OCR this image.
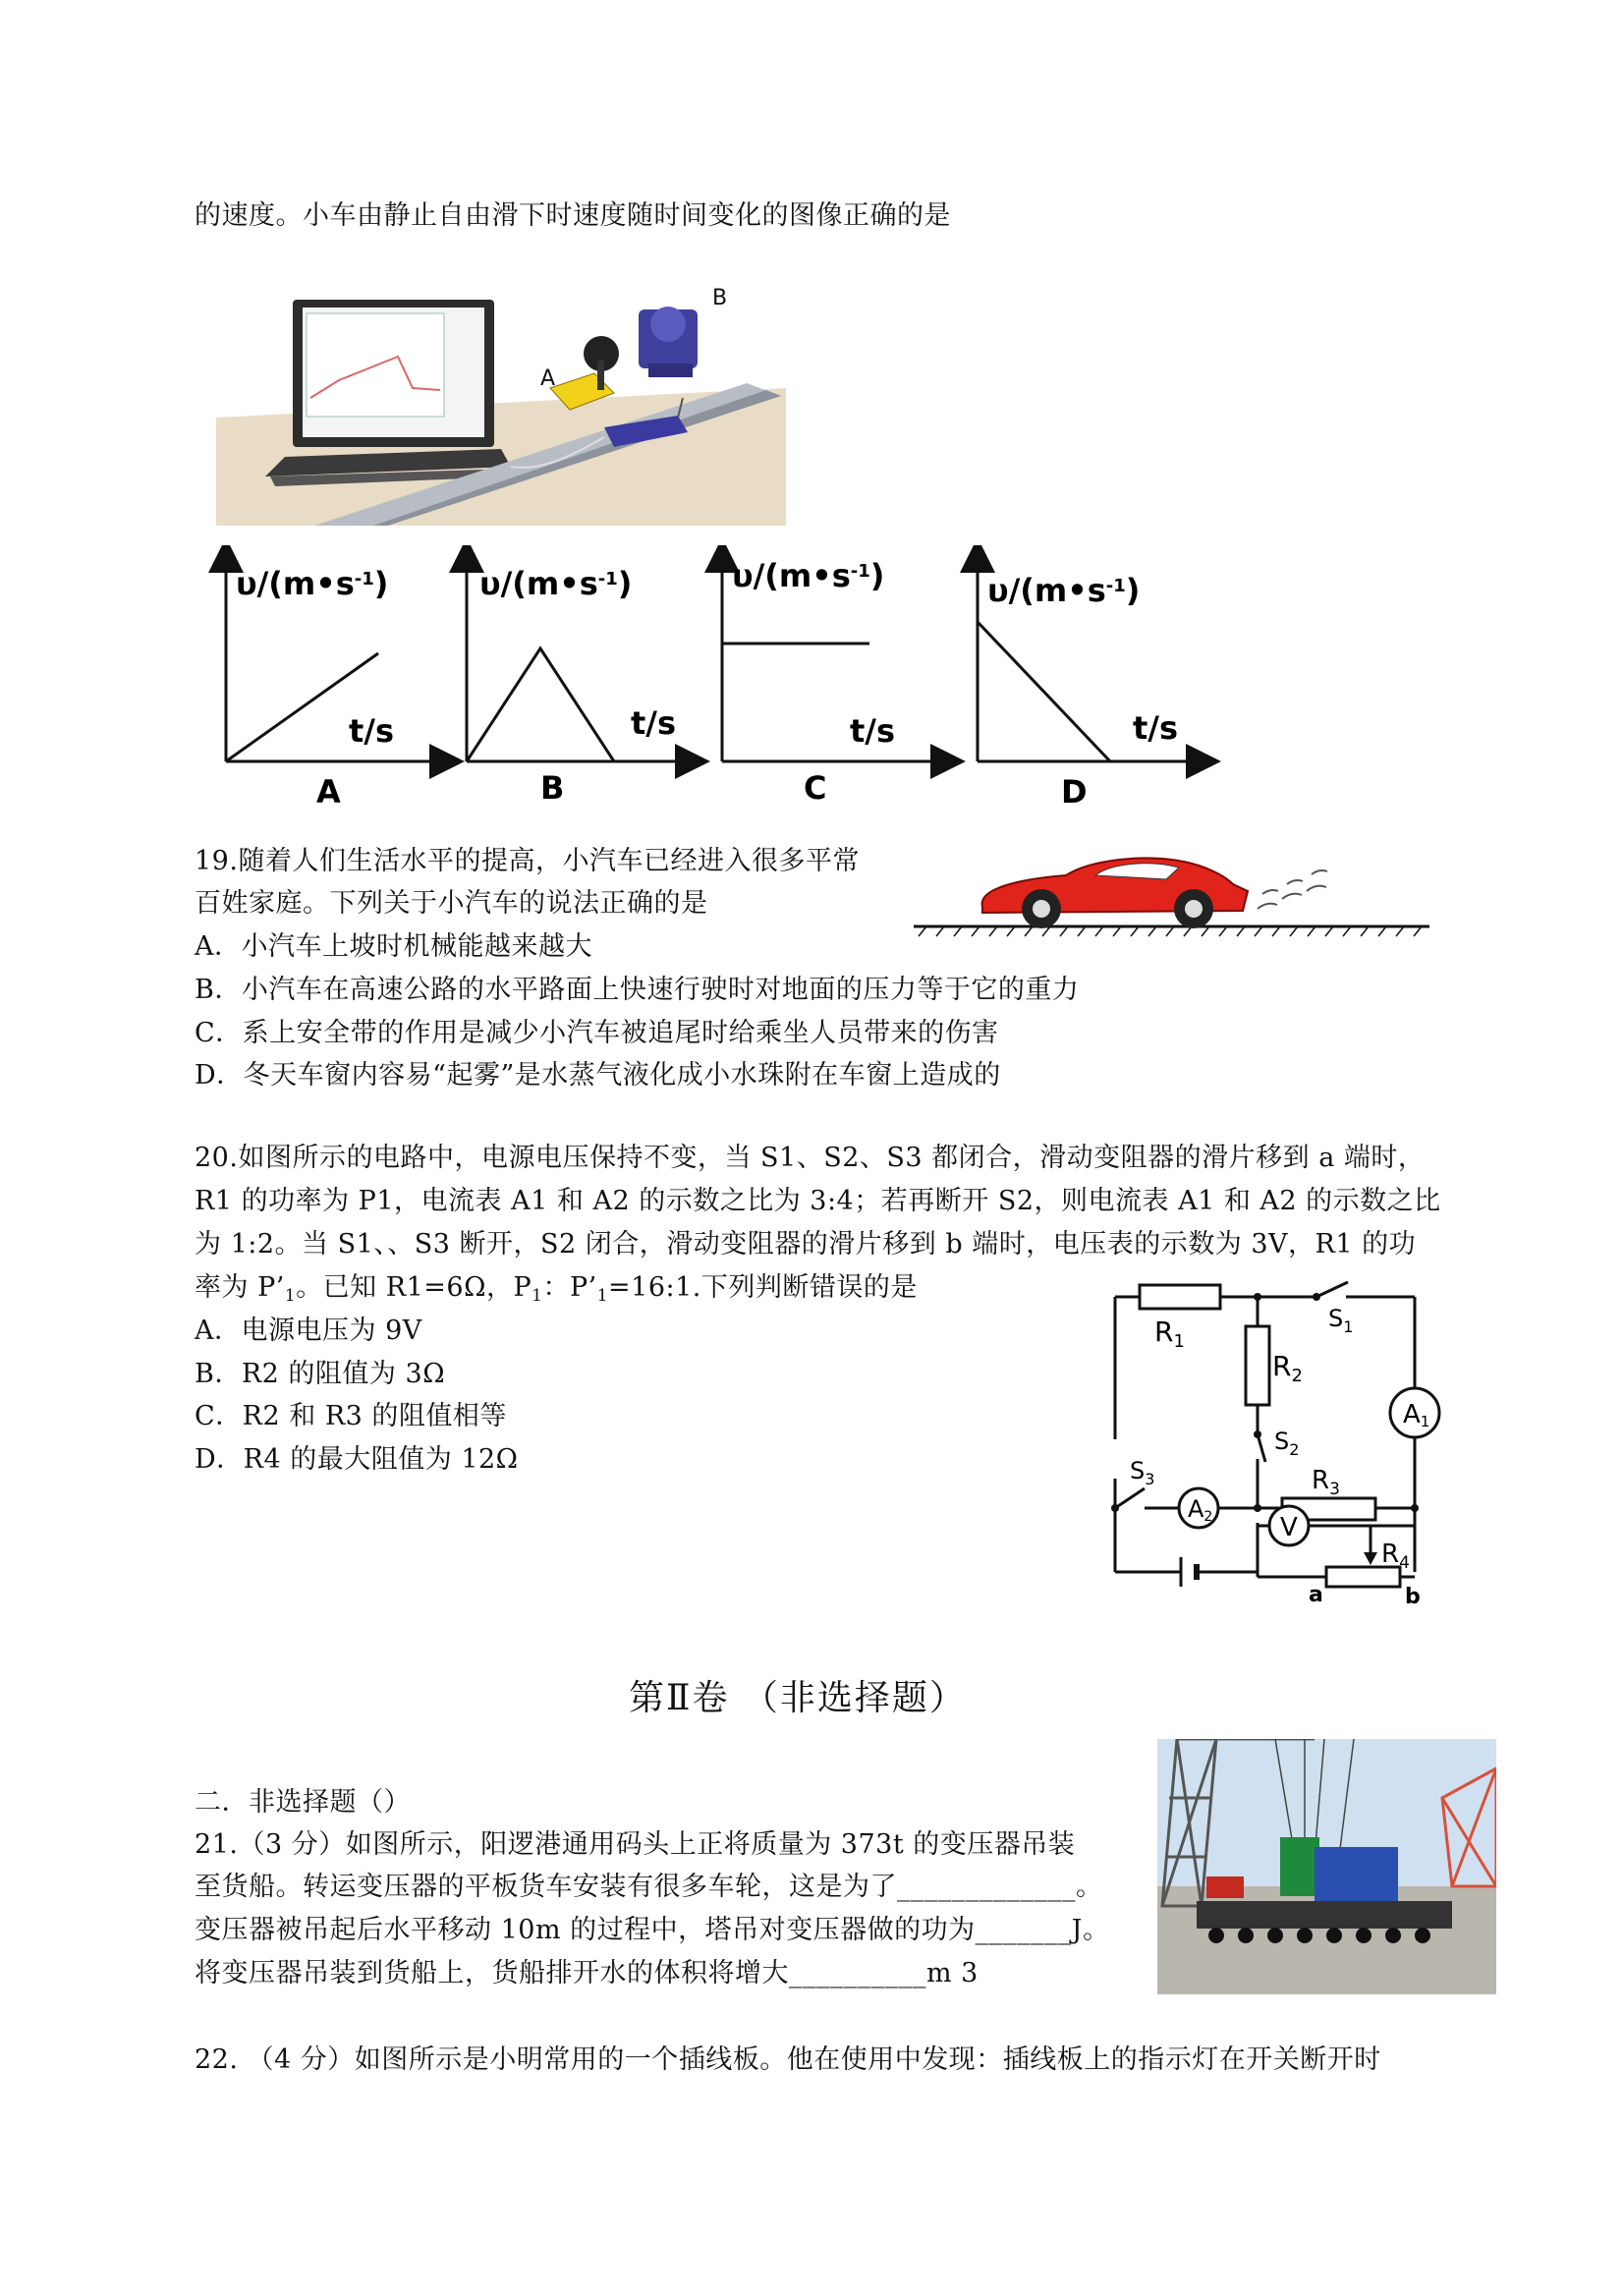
的速度。小车由静止自由滑下时速度随时间变化的图像正确的是
A
B
$\upsilon/(m•s^{-1})$
t/s
A
$\upsilon/(m•s^{-1})$
t/s
B
$\upsilon/(m•s^{-1})$
t/s
C
$\upsilon/(m•s^{-1})$
t/s
D
19.随着人们生活水平的提高，小汽车已经进入很多平常
百姓家庭。下列关于小汽车的说法正确的是
A．小汽车上坡时机械能越来越大
B．小汽车在高速公路的水平路面上快速行驶时对地面的压力等于它的重力
C．系上安全带的作用是减少小汽车被追尾时给乘坐人员带来的伤害
D．冬天车窗内容易“起雾”是水蒸气液化成小水珠附在车窗上造成的
20.如图所示的电路中，电源电压保持不变，当 S1、S2、S3 都闭合，滑动变阻器的滑片移到 a 端时，
R1 的功率为 P1，电流表 A1 和 A2 的示数之比为 3:4；若再断开 S2，则电流表 A1 和 A2 的示数之比
为 1:2。当 S1、、S3 断开，S2 闭合，滑动变阻器的滑片移到 b 端时，电压表的示数为 3V，R1 的功
率为 $P’_1$。已知 R1=6Ω，$P_1$：$P’_1=16:1$.下列判断错误的是
A．电源电压为 9V
B．R2 的阻值为 3Ω
C．R2 和 R3 的阻值相等
D．R4 的最大阻值为 12Ω
$R_1$
$S_1$
$R_2$
$S_2$
A1
$S_3$
A2
$R_3$
V
$R_4$
a	b
第Ⅱ卷 （非选择题）
二．非选择题（）
21.（3 分）如图所示，阳逻港通用码头上正将质量为 373t 的变压器吊装
至货船。转运变压器的平板货车安装有很多车轮，这是为了_____________。
变压器被吊起后水平移动 10m 的过程中，塔吊对变压器做的功为_______J。
将变压器吊装到货船上，货船排开水的体积将增大__________m 3
22. （4 分）如图所示是小明常用的一个插线板。他在使用中发现：插线板上的指示灯在开关断开时
